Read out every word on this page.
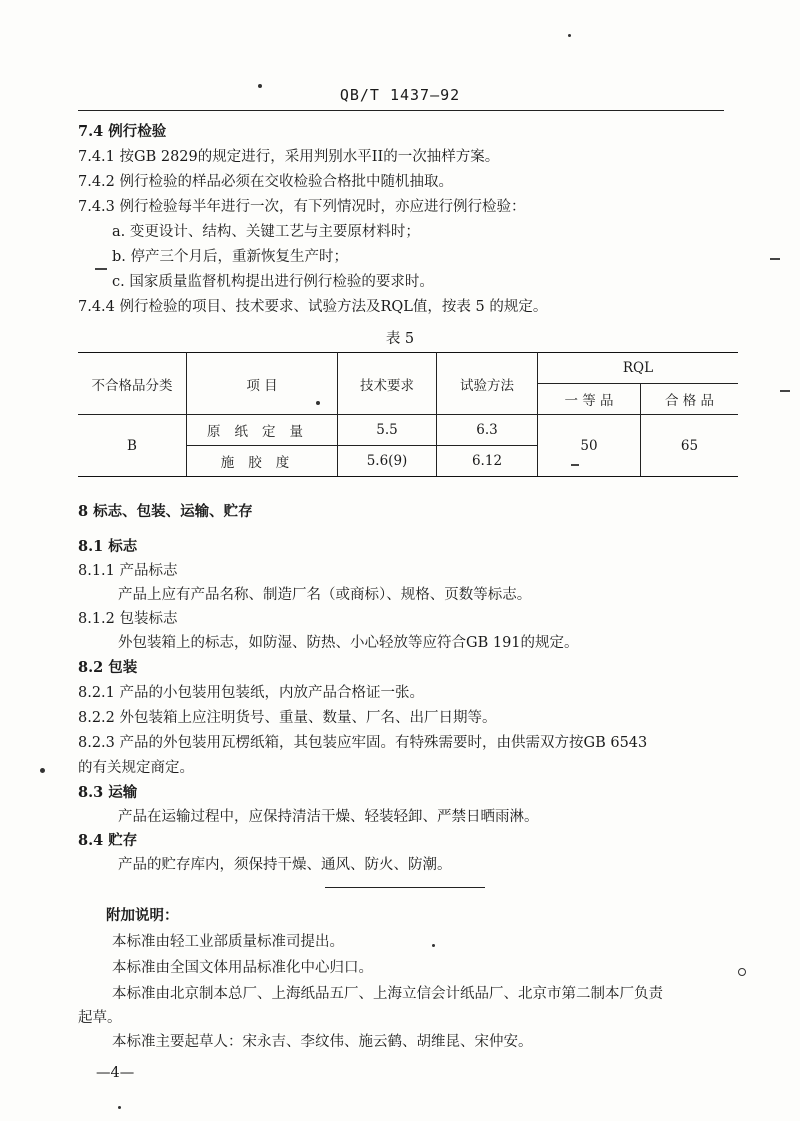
QB/T 1437—92
7.4 例行检验
7.4.1 按GB 2829的规定进行，采用判别水平II的一次抽样方案。
7.4.2 例行检验的样品必须在交收检验合格批中随机抽取。
7.4.3 例行检验每半年进行一次，有下列情况时，亦应进行例行检验：
a. 变更设计、结构、关键工艺与主要原材料时；
b. 停产三个月后，重新恢复生产时；
c. 国家质量监督机构提出进行例行检验的要求时。
7.4.4 例行检验的项目、技术要求、试验方法及RQL值，按表 5 的规定。
表 5
不合格品分类	项 目	技术要求	试验方法	RQL	
				一 等 品	合 格 品
B	原纸定量	5.5	6.3	50	65
	施胶度	5.6(9)	6.12		
8 标志、包装、运输、贮存
8.1 标志
8.1.1 产品标志
产品上应有产品名称、制造厂名（或商标）、规格、页数等标志。
8.1.2 包装标志
外包装箱上的标志，如防湿、防热、小心轻放等应符合GB 191的规定。
8.2 包装
8.2.1 产品的小包装用包装纸，内放产品合格证一张。
8.2.2 外包装箱上应注明货号、重量、数量、厂名、出厂日期等。
8.2.3 产品的外包装用瓦楞纸箱，其包装应牢固。有特殊需要时，由供需双方按GB 6543
的有关规定商定。
8.3 运输
产品在运输过程中，应保持清洁干燥、轻装轻卸、严禁日晒雨淋。
8.4 贮存
产品的贮存库内，须保持干燥、通风、防火、防潮。
附加说明：
本标准由轻工业部质量标准司提出。
本标准由全国文体用品标准化中心归口。
本标准由北京制本总厂、上海纸品五厂、上海立信会计纸品厂、北京市第二制本厂负责
起草。
本标准主要起草人：宋永吉、李纹伟、施云鹤、胡维昆、宋仲安。
—4—
